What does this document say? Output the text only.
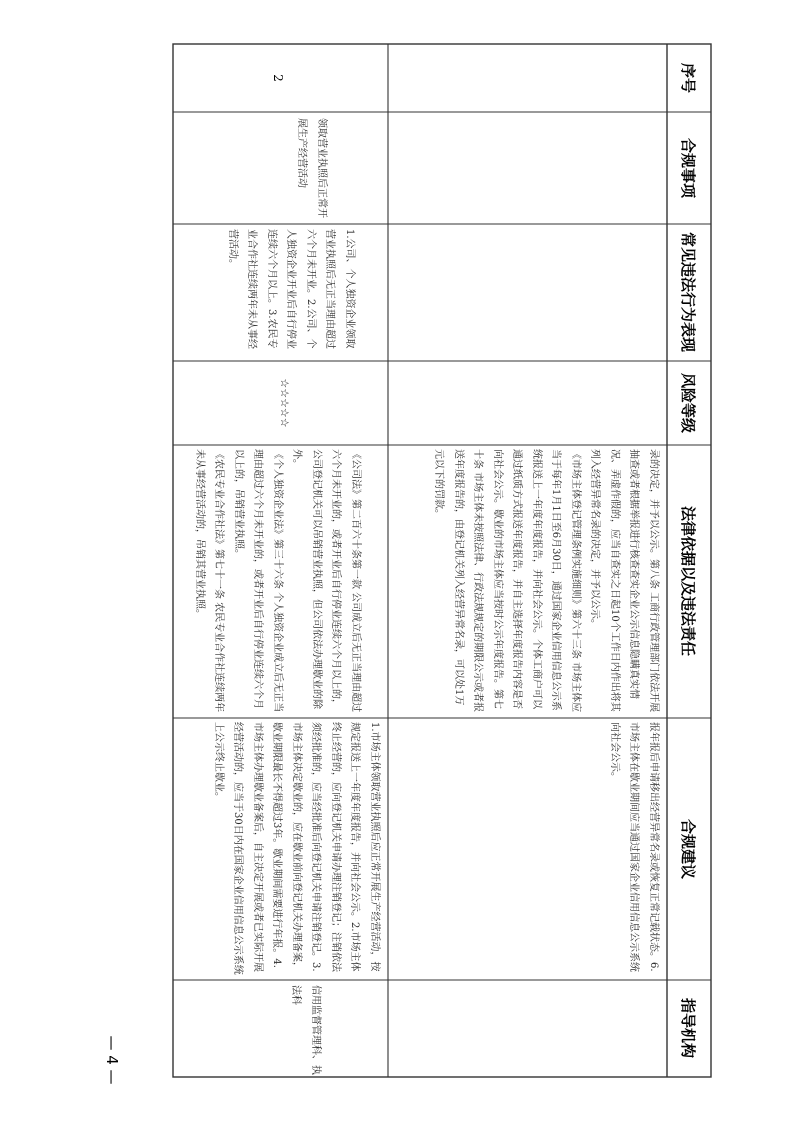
序号
合规事项
常见违法行为表现
风险等级
法律依据以及违法责任
合规建议
指导机构
录的决定，并予以公示。第八条 工商行政管理部门依法开展抽查或者根据举报进行核查查实企业公示信息隐瞒真实情况、弄虚作假的，应当自查实之日起10个工作日内作出将其列入经营异常名录的决定，并予以公示。
《市场主体登记管理条例实施细则》第六十三条 市场主体应当于每年1月1日至6月30日，通过国家企业信用信息公示系统报送上一年度年度报告，并向社会公示。个体工商户可以通过纸质方式报送年度报告，并自主选择年度报告内容是否向社会公示。歇业的市场主体应当按时公示年度报告。第七十条 市场主体未按照法律、行政法规规定的期限公示或者报送年度报告的，由登记机关列入经营异常名录，可以处1万元以下的罚款。
报年报后申请移出经营异常名录或恢复正常记载状态。6.市场主体在歇业期间应当通过国家企业信用信息公示系统向社会公示。
2
领取营业执照后正常开展生产经营活动
1.公司、个人独资企业领取营业执照后无正当理由超过六个月未开业。2.公司、个人独资企业开业后自行停业连续六个月以上。3.农民专业合作社连续两年未从事经营活动。
☆☆☆☆☆
《公司法》第二百六十条第一款 公司成立后无正当理由超过六个月未开业的，或者开业后自行停业连续六个月以上的，公司登记机关可以吊销营业执照，但公司依法办理歇业的除外。
《个人独资企业法》第三十六条 个人独资企业成立后无正当理由超过六个月未开业的，或者开业后自行停业连续六个月以上的，吊销营业执照。
《农民专业合作社法》第七十一条 农民专业合作社连续两年未从事经营活动的，吊销其营业执照。
1.市场主体领取营业执照后应正常开展生产经营活动，按规定报送上一年度年度报告，并向社会公示。2.市场主体终止经营的，应向登记机关申请办理注销登记；注销依法须经批准的，应当经批准后向登记机关申请注销登记。3.市场主体决定歇业的，应在歇业前向登记机关办理备案，歇业期限最长不得超过3年。歇业期间需要进行年报。4.市场主体办理歇业备案后，自主决定开展或者已实际开展经营活动的，应当于30日内在国家企业信用信息公示系统上公示终止歇业。
信用监督管理科、执法科
— 4 —
